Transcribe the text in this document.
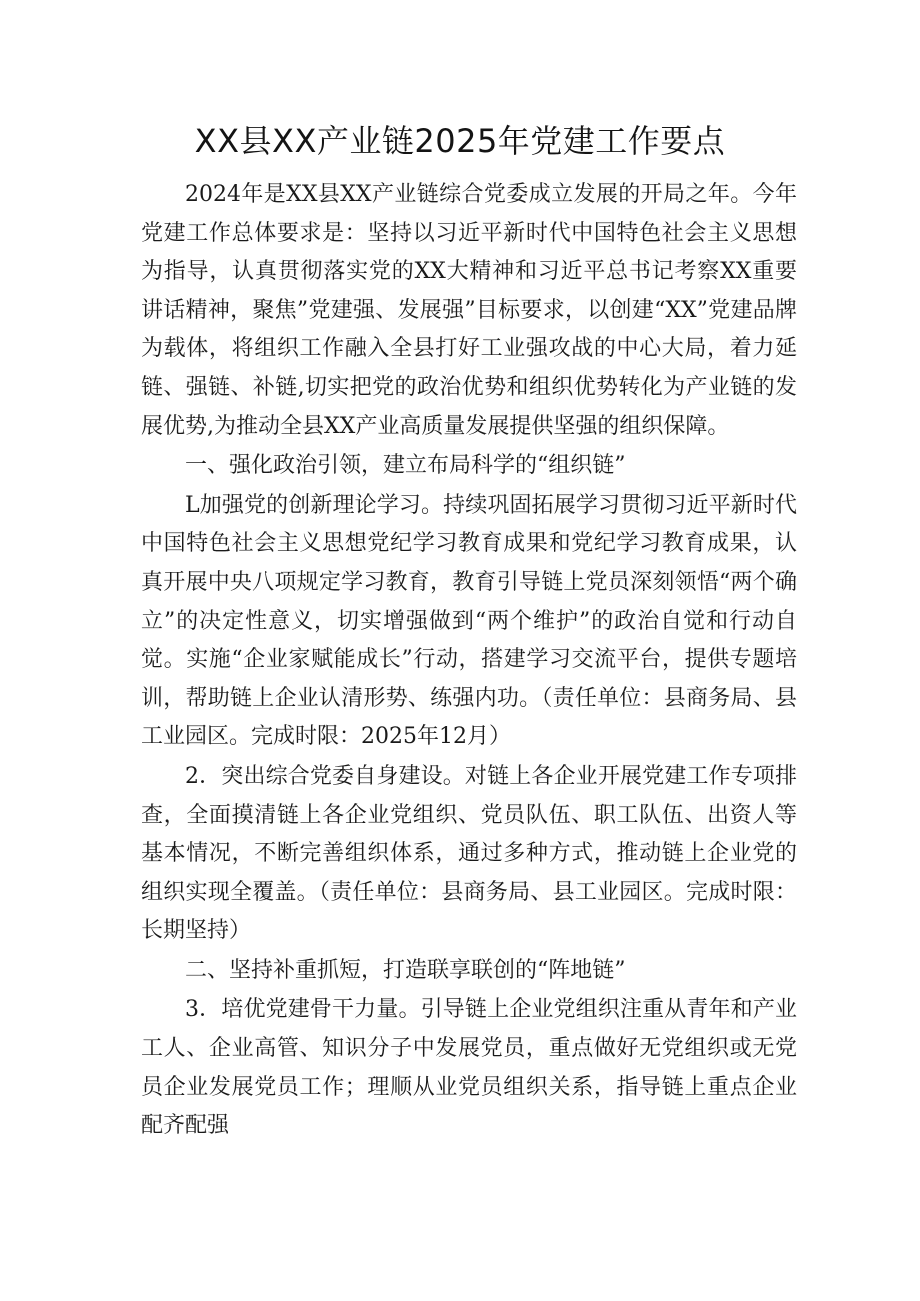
XX县XX产业链2025年党建工作要点

2024年是XX县XX产业链综合党委成立发展的开局之年。今年党建工作总体要求是：坚持以习近平新时代中国特色社会主义思想为指导，认真贯彻落实党的XX大精神和习近平总书记考察XX重要讲话精神，聚焦”党建强、发展强”目标要求，以创建“XX”党建品牌为载体，将组织工作融入全县打好工业强攻战的中心大局，着力延链、强链、补链,切实把党的政治优势和组织优势转化为产业链的发展优势,为推动全县XX产业高质量发展提供坚强的组织保障。

一、强化政治引领，建立布局科学的“组织链”

L加强党的创新理论学习。持续巩固拓展学习贯彻习近平新时代中国特色社会主义思想党纪学习教育成果和党纪学习教育成果，认真开展中央八项规定学习教育，教育引导链上党员深刻领悟“两个确立”的决定性意义，切实增强做到“两个维护”的政治自觉和行动自觉。实施“企业家赋能成长”行动，搭建学习交流平台，提供专题培训，帮助链上企业认清形势、练强内功。（责任单位：县商务局、县工业园区。完成时限：2025年12月）

2．突出综合党委自身建设。对链上各企业开展党建工作专项排查，全面摸清链上各企业党组织、党员队伍、职工队伍、出资人等基本情况，不断完善组织体系，通过多种方式，推动链上企业党的组织实现全覆盖。（责任单位：县商务局、县工业园区。完成时限：长期坚持）

二、坚持补重抓短，打造联享联创的“阵地链”

3．培优党建骨干力量。引导链上企业党组织注重从青年和产业工人、企业高管、知识分子中发展党员，重点做好无党组织或无党员企业发展党员工作；理顺从业党员组织关系，指导链上重点企业配齐配强
